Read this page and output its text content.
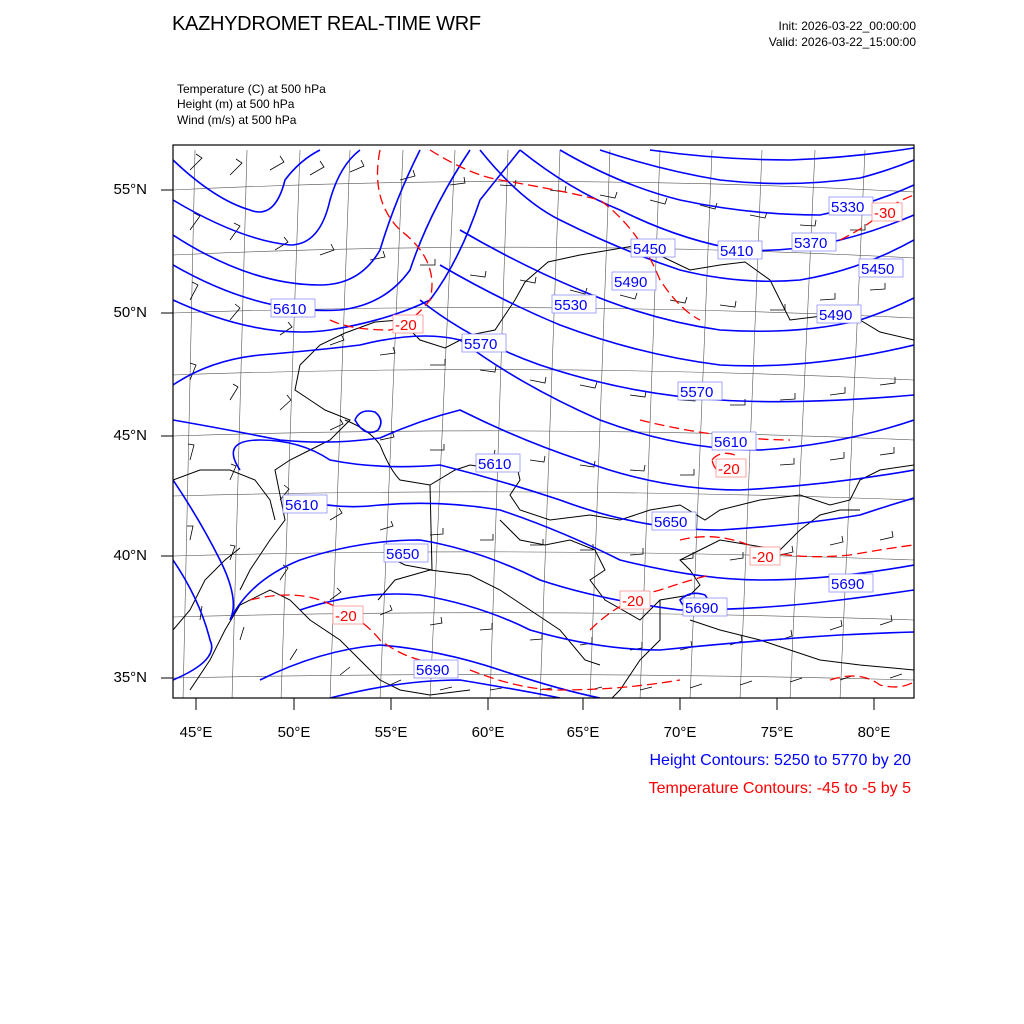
KAZHYDROMET REAL-TIME WRF	Init: 2026-03-22_00:00:00
Valid: 2026-03-22_15:00:00
Temperature (C) at 500 hPa
Height (m) at 500 hPa
Wind (m/s) at 500 hPa
5330
5370
5410
5450
5450
5490
5490
5530
5570
5570
5610
5610
5610
5610
5650
5650
5690
5690
5690
-30
-20
-20
-20
-20
-20
55°N
50°N
45°N
40°N
35°N
45°E	50°E	55°E	60°E	65°E	70°E	75°E	80°E
Height Contours: 5250 to 5770 by 20
Temperature Contours: -45 to -5 by 5
